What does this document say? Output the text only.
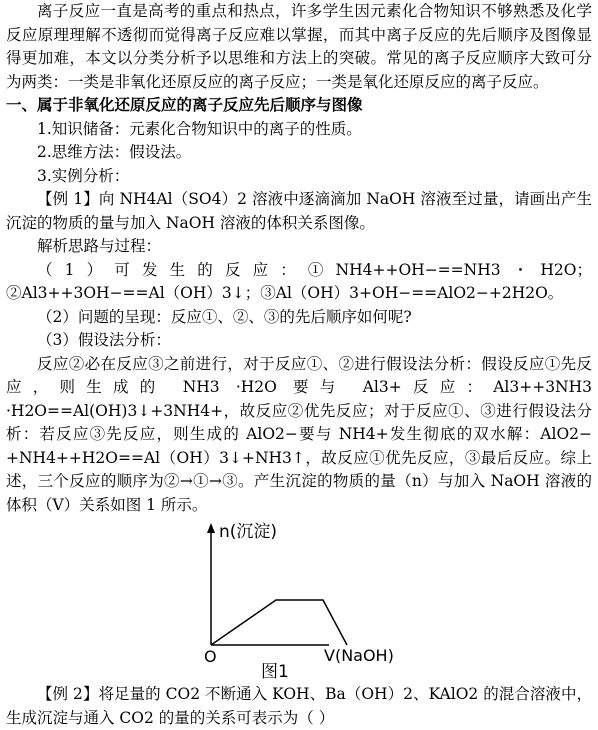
离子反应一直是高考的重点和热点，许多学生因元素化合物知识不够熟悉及化学反应原理理解不透彻而觉得离子反应难以掌握，而其中离子反应的先后顺序及图像显得更加难，本文以分类分析予以思维和方法上的突破。常见的离子反应顺序大致可分为两类：一类是非氧化还原反应的离子反应；一类是氧化还原反应的离子反应。

一、属于非氧化还原反应的离子反应先后顺序与图像

1.知识储备：元素化合物知识中的离子的性质。

2.思维方法：假设法。

3.实例分析：

【例 1】向 NH4Al（SO4）2 溶液中逐滴滴加 NaOH 溶液至过量，请画出产生沉淀的物质的量与加入 NaOH 溶液的体积关系图像。

解析思路与过程：

（1）可发生的反应：①NH4++OH−==NH3・H2O；②Al3++3OH−==Al（OH）3↓；③Al（OH）3+OH−==AlO2−+2H2O。

（2）问题的呈现：反应①、②、③的先后顺序如何呢?

（3）假设法分析：

反应②必在反应③之前进行，对于反应①、②进行假设法分析：假设反应①先反应，则生成的 NH3 ·H2O 要与 Al3+反应：Al3++3NH3 ·H2O==Al(OH)3↓+3NH4+，故反应②优先反应；对于反应①、③进行假设法分析：若反应③先反应，则生成的 AlO2−要与 NH4+发生彻底的双水解：AlO2−+NH4++H2O==Al（OH）3↓+NH3↑，故反应①优先反应，③最后反应。综上述，三个反应的顺序为②→①→③。产生沉淀的物质的量（n）与加入 NaOH 溶液的体积（V）关系如图 1 所示。

n(沉淀)
O	V(NaOH)

图1

【例 2】将足量的 CO2 不断通入 KOH、Ba（OH）2、KAlO2 的混合溶液中，生成沉淀与通入 CO2 的量的关系可表示为（ ）
